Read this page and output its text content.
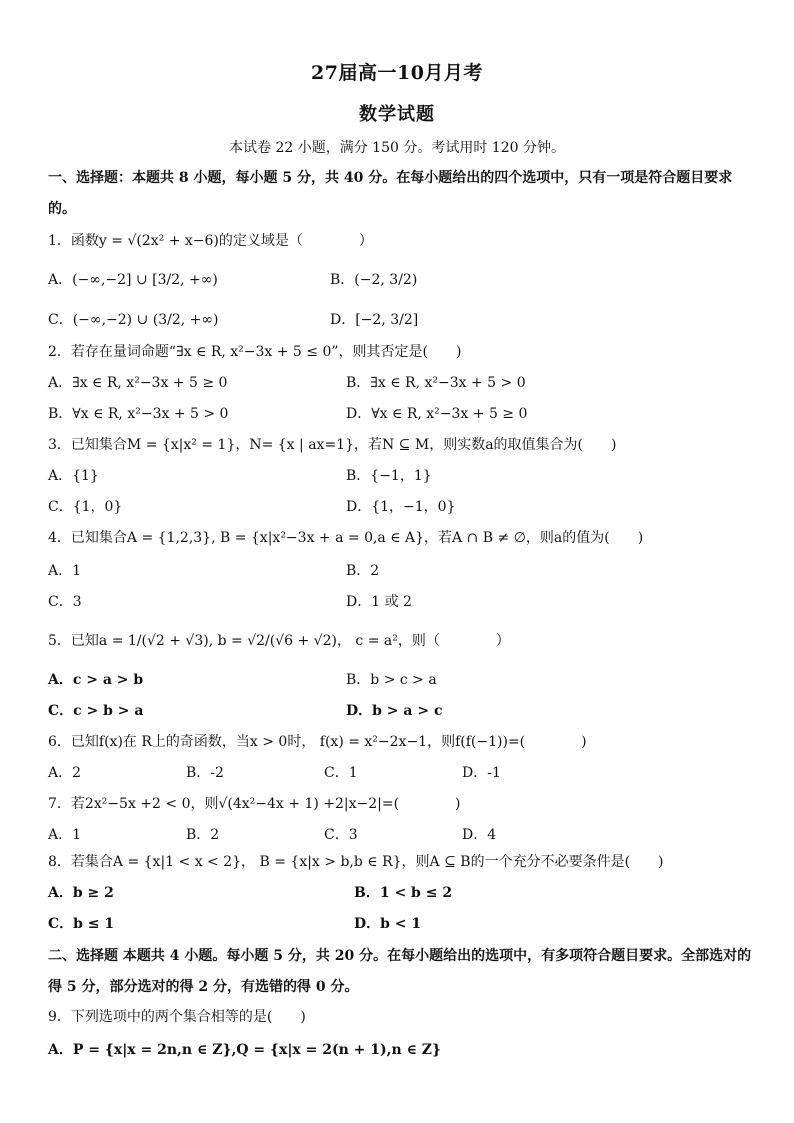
27届高一10月月考
数学试题
本试卷 22 小题，满分 150 分。考试用时 120 分钟。
一、选择题：本题共 8 小题，每小题 5 分，共 40 分。在每小题给出的四个选项中，只有一项是符合题目要求的。
1．函数y = √(2x² + x−6)的定义域是（　　　　）
A．(−∞,−2] ∪ [3/2, +∞)	B．(−2, 3/2)
C．(−∞,−2) ∪ (3/2, +∞)	D．[−2, 3/2]
2．若存在量词命题“∃x ∈ R, x²−3x + 5 ≤ 0”，则其否定是(　　)
A．∃x ∈ R, x²−3x + 5 ≥ 0	B．∃x ∈ R, x²−3x + 5 > 0
B．∀x ∈ R, x²−3x + 5 > 0	D．∀x ∈ R, x²−3x + 5 ≥ 0
3．已知集合M = {x|x² = 1}，N= {x | ax=1}，若N ⊆ M，则实数a的取值集合为(　　)
A．{1}	B．{−1，1}
C．{1，0}	D．{1，−1，0}
4．已知集合A = {1,2,3}, B = {x|x²−3x + a = 0,a ∈ A}，若A ∩ B ≠ ∅，则a的值为(　　)
A．1	B．2
C．3	D．1 或 2
5．已知a = 1/(√2 + √3), b = √2/(√6 + √2)， c = a²，则（　　　　）
A．c > a > b	B．b > c > a
C．c > b > a	D．b > a > c
6．已知f(x)在 R上的奇函数，当x > 0时， f(x) = x²−2x−1，则f(f(−1))=(　　　　)
A．2	B．-2	C．1	D．-1
7．若2x²−5x +2 < 0，则√(4x²−4x + 1) +2|x−2|=(　　　　)
A．1	B．2	C．3	D．4
8．若集合A = {x|1 < x < 2}， B = {x|x > b,b ∈ R}，则A ⊆ B的一个充分不必要条件是(　　)
A．b ≥ 2	B．1 < b ≤ 2
C．b ≤ 1	D．b < 1
二、选择题 本题共 4 小题。每小题 5 分，共 20 分。在每小题给出的选项中，有多项符合题目要求。全部选对的得 5 分，部分选对的得 2 分，有选错的得 0 分。
9．下列选项中的两个集合相等的是(　　)
A．P = {x|x = 2n,n ∈ Z},Q = {x|x = 2(n + 1),n ∈ Z}
